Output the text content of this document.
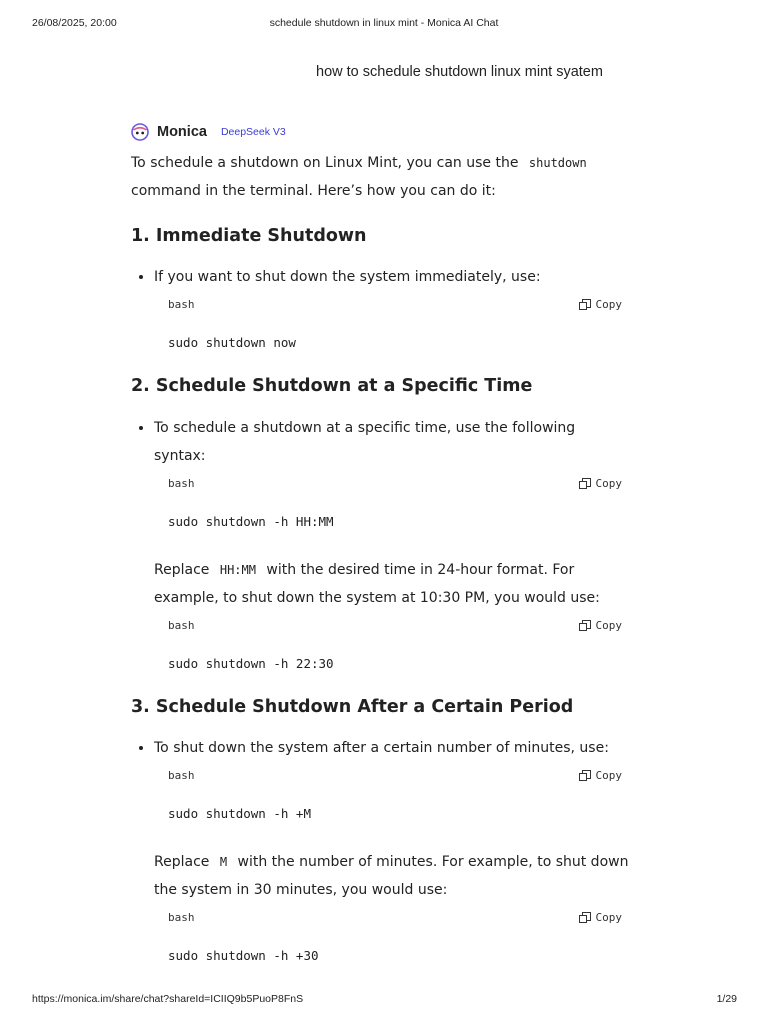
26/08/2025, 20:00	schedule shutdown in linux mint - Monica AI Chat
how to schedule shutdown linux mint syatem
Monica DeepSeek V3

To schedule a shutdown on Linux Mint, you can use the shutdown
command in the terminal. Here’s how you can do it:

1. Immediate Shutdown
• If you want to shut down the system immediately, use:
bash	Copy
sudo shutdown now
2. Schedule Shutdown at a Specific Time
• To schedule a shutdown at a specific time, use the following syntax:
bash	Copy
sudo shutdown -h HH:MM

Replace HH:MM with the desired time in 24-hour format. For example, to shut down the system at 10:30 PM, you would use:

bash	Copy
sudo shutdown -h 22:30
3. Schedule Shutdown After a Certain Period
• To shut down the system after a certain number of minutes, use:
bash	Copy
sudo shutdown -h +M

Replace M with the number of minutes. For example, to shut down the system in 30 minutes, you would use:

bash	Copy
sudo shutdown -h +30
https://monica.im/share/chat?shareId=ICIIQ9b5PuoP8FnS	1/29
